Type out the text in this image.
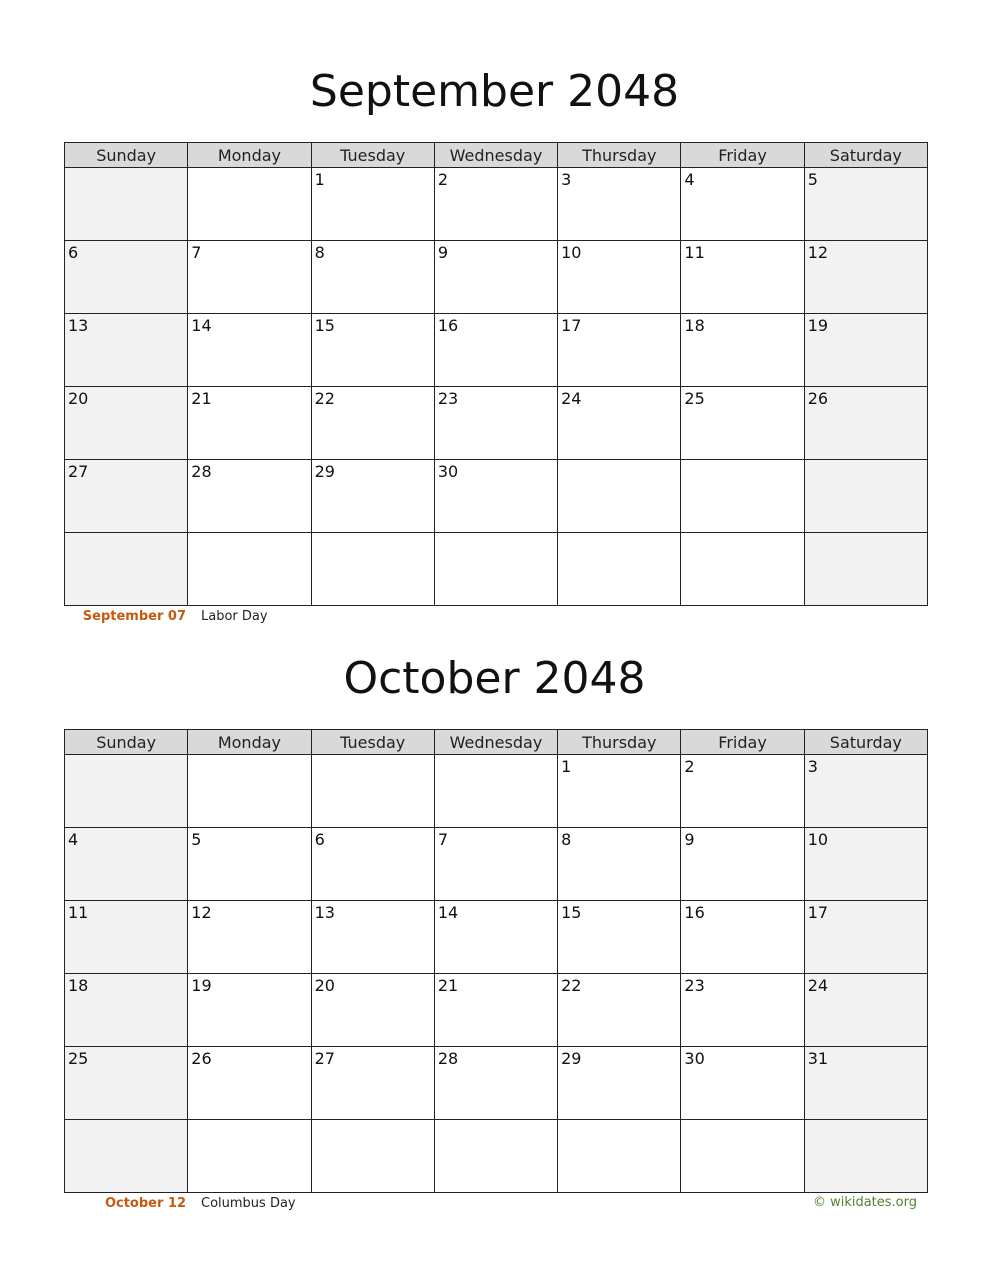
September 2048
Sunday	Monday	Tuesday	Wednesday	Thursday	Friday	Saturday
		1	2	3	4	5
6	7	8	9	10	11	12
13	14	15	16	17	18	19
20	21	22	23	24	25	26
27	28	29	30			

September 07 Labor Day
October 2048
Sunday	Monday	Tuesday	Wednesday	Thursday	Friday	Saturday
				1	2	3
4	5	6	7	8	9	10
11	12	13	14	15	16	17
18	19	20	21	22	23	24
25	26	27	28	29	30	31

October 12 Columbus Day	© wikidates.org
